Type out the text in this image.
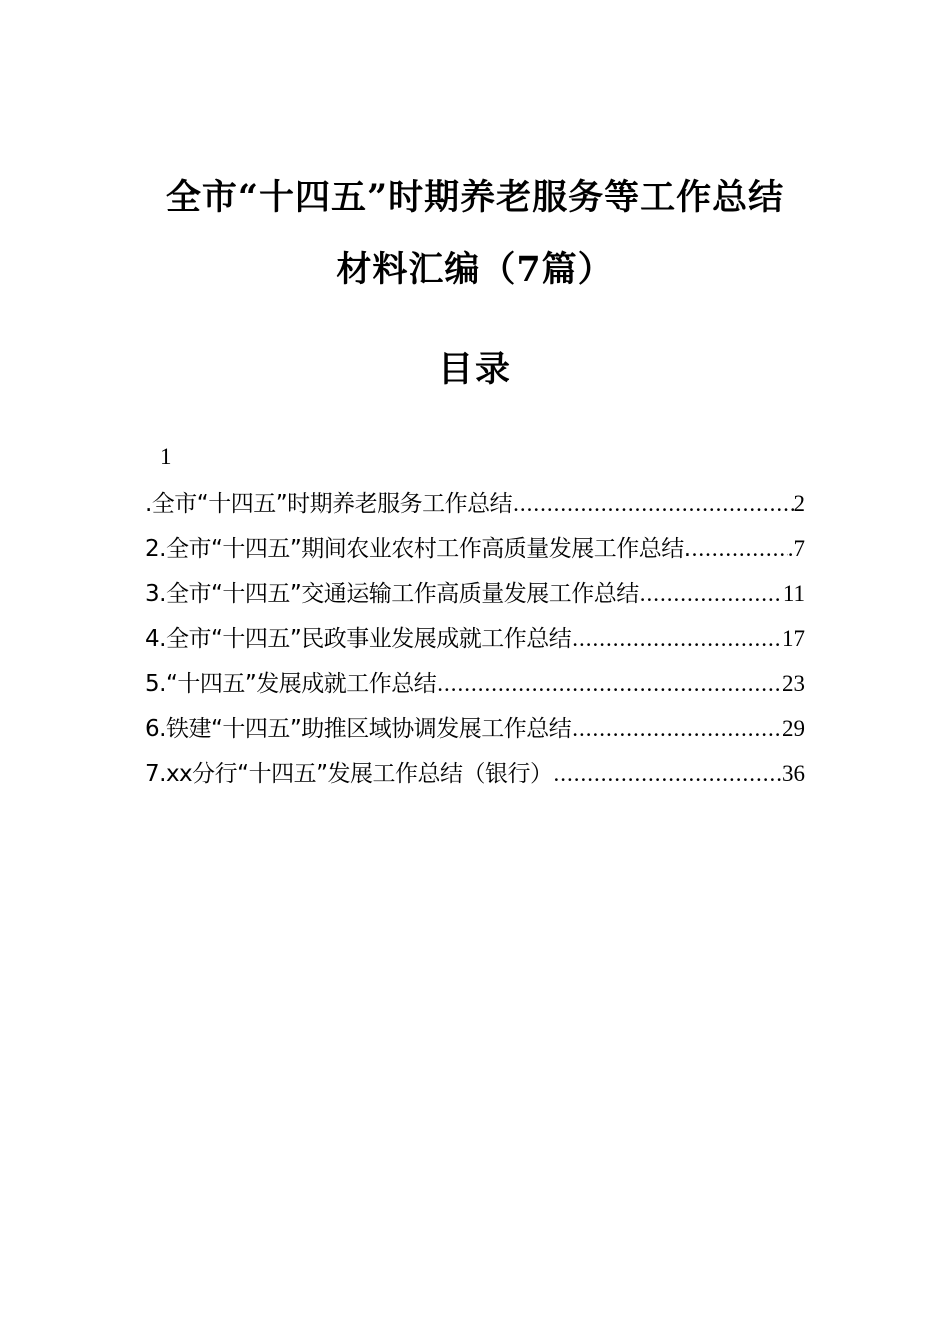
全市“十四五”时期养老服务等工作总结
材料汇编（7篇）
目录
1
.全市“十四五”时期养老服务工作总结 .....	2
2.全市“十四五”期间农业农村工作高质量发展工作总结. .....	.7
3.全市“十四五”交通运输工作高质量发展工作总结 .....	11
4.全市“十四五”民政事业发展成就工作总结 .....	17
5.“十四五”发展成就工作总结 .....	23
6.铁建“十四五”助推区域协调发展工作总结 .....	29
7.xx分行“十四五”发展工作总结（银行） .....	36
